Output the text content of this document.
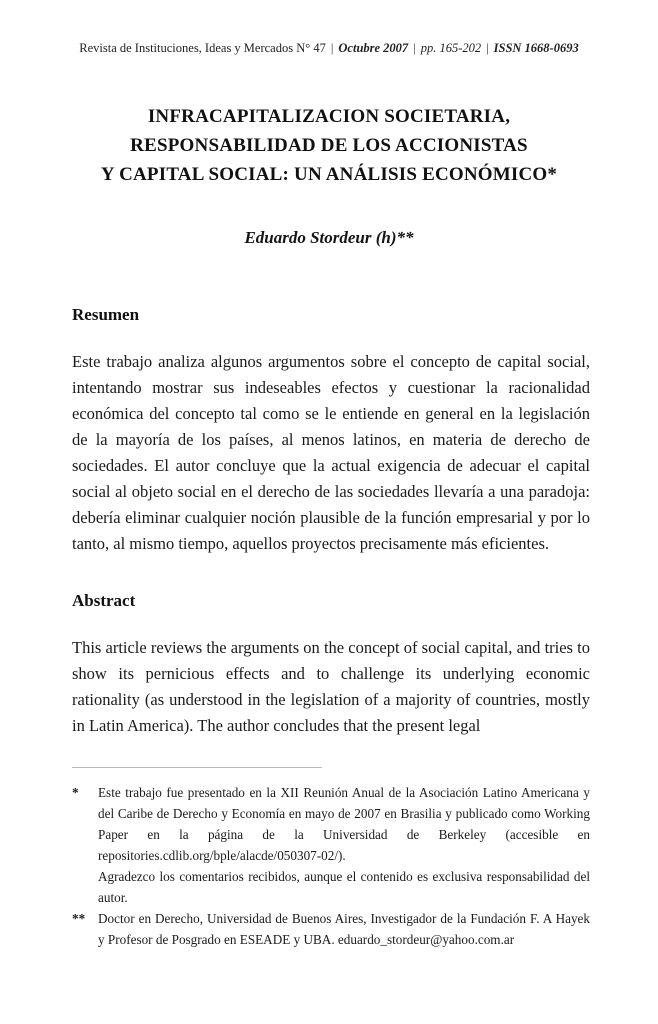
Revista de Instituciones, Ideas y Mercados N° 47 | Octubre 2007 | pp. 165-202 | ISSN 1668-0693
INFRACAPITALIZACION SOCIETARIA,
RESPONSABILIDAD DE LOS ACCIONISTAS
Y CAPITAL SOCIAL: UN ANÁLISIS ECONÓMICO*
Eduardo Stordeur (h)**
Resumen

Este trabajo analiza algunos argumentos sobre el concepto de capital social, intentando mostrar sus indeseables efectos y cuestionar la racionalidad económica del concepto tal como se le entiende en general en la legislación de la mayoría de los países, al menos latinos, en materia de derecho de sociedades. El autor concluye que la actual exigencia de adecuar el capital social al objeto social en el derecho de las sociedades llevaría a una paradoja: debería eliminar cualquier noción plausible de la función empresarial y por lo tanto, al mismo tiempo, aquellos proyectos precisamente más eficientes.

Abstract

This article reviews the arguments on the concept of social capital, and tries to show its pernicious effects and to challenge its underlying economic rationality (as understood in the legislation of a majority of countries, mostly in Latin America). The author concludes that the present legal

*	Este trabajo fue presentado en la XII Reunión Anual de la Asociación Latino Americana y del Caribe de Derecho y Economía en mayo de 2007 en Brasilia y publicado como Working Paper en la página de la Universidad de Berkeley (accesible en repositories.cdlib.org/bple/alacde/050307-02/).
Agradezco los comentarios recibidos, aunque el contenido es exclusiva responsabilidad del autor.
** Doctor en Derecho, Universidad de Buenos Aires, Investigador de la Fundación F. A Hayek y Profesor de Posgrado en ESEADE y UBA. eduardo_stordeur@yahoo.com.ar
